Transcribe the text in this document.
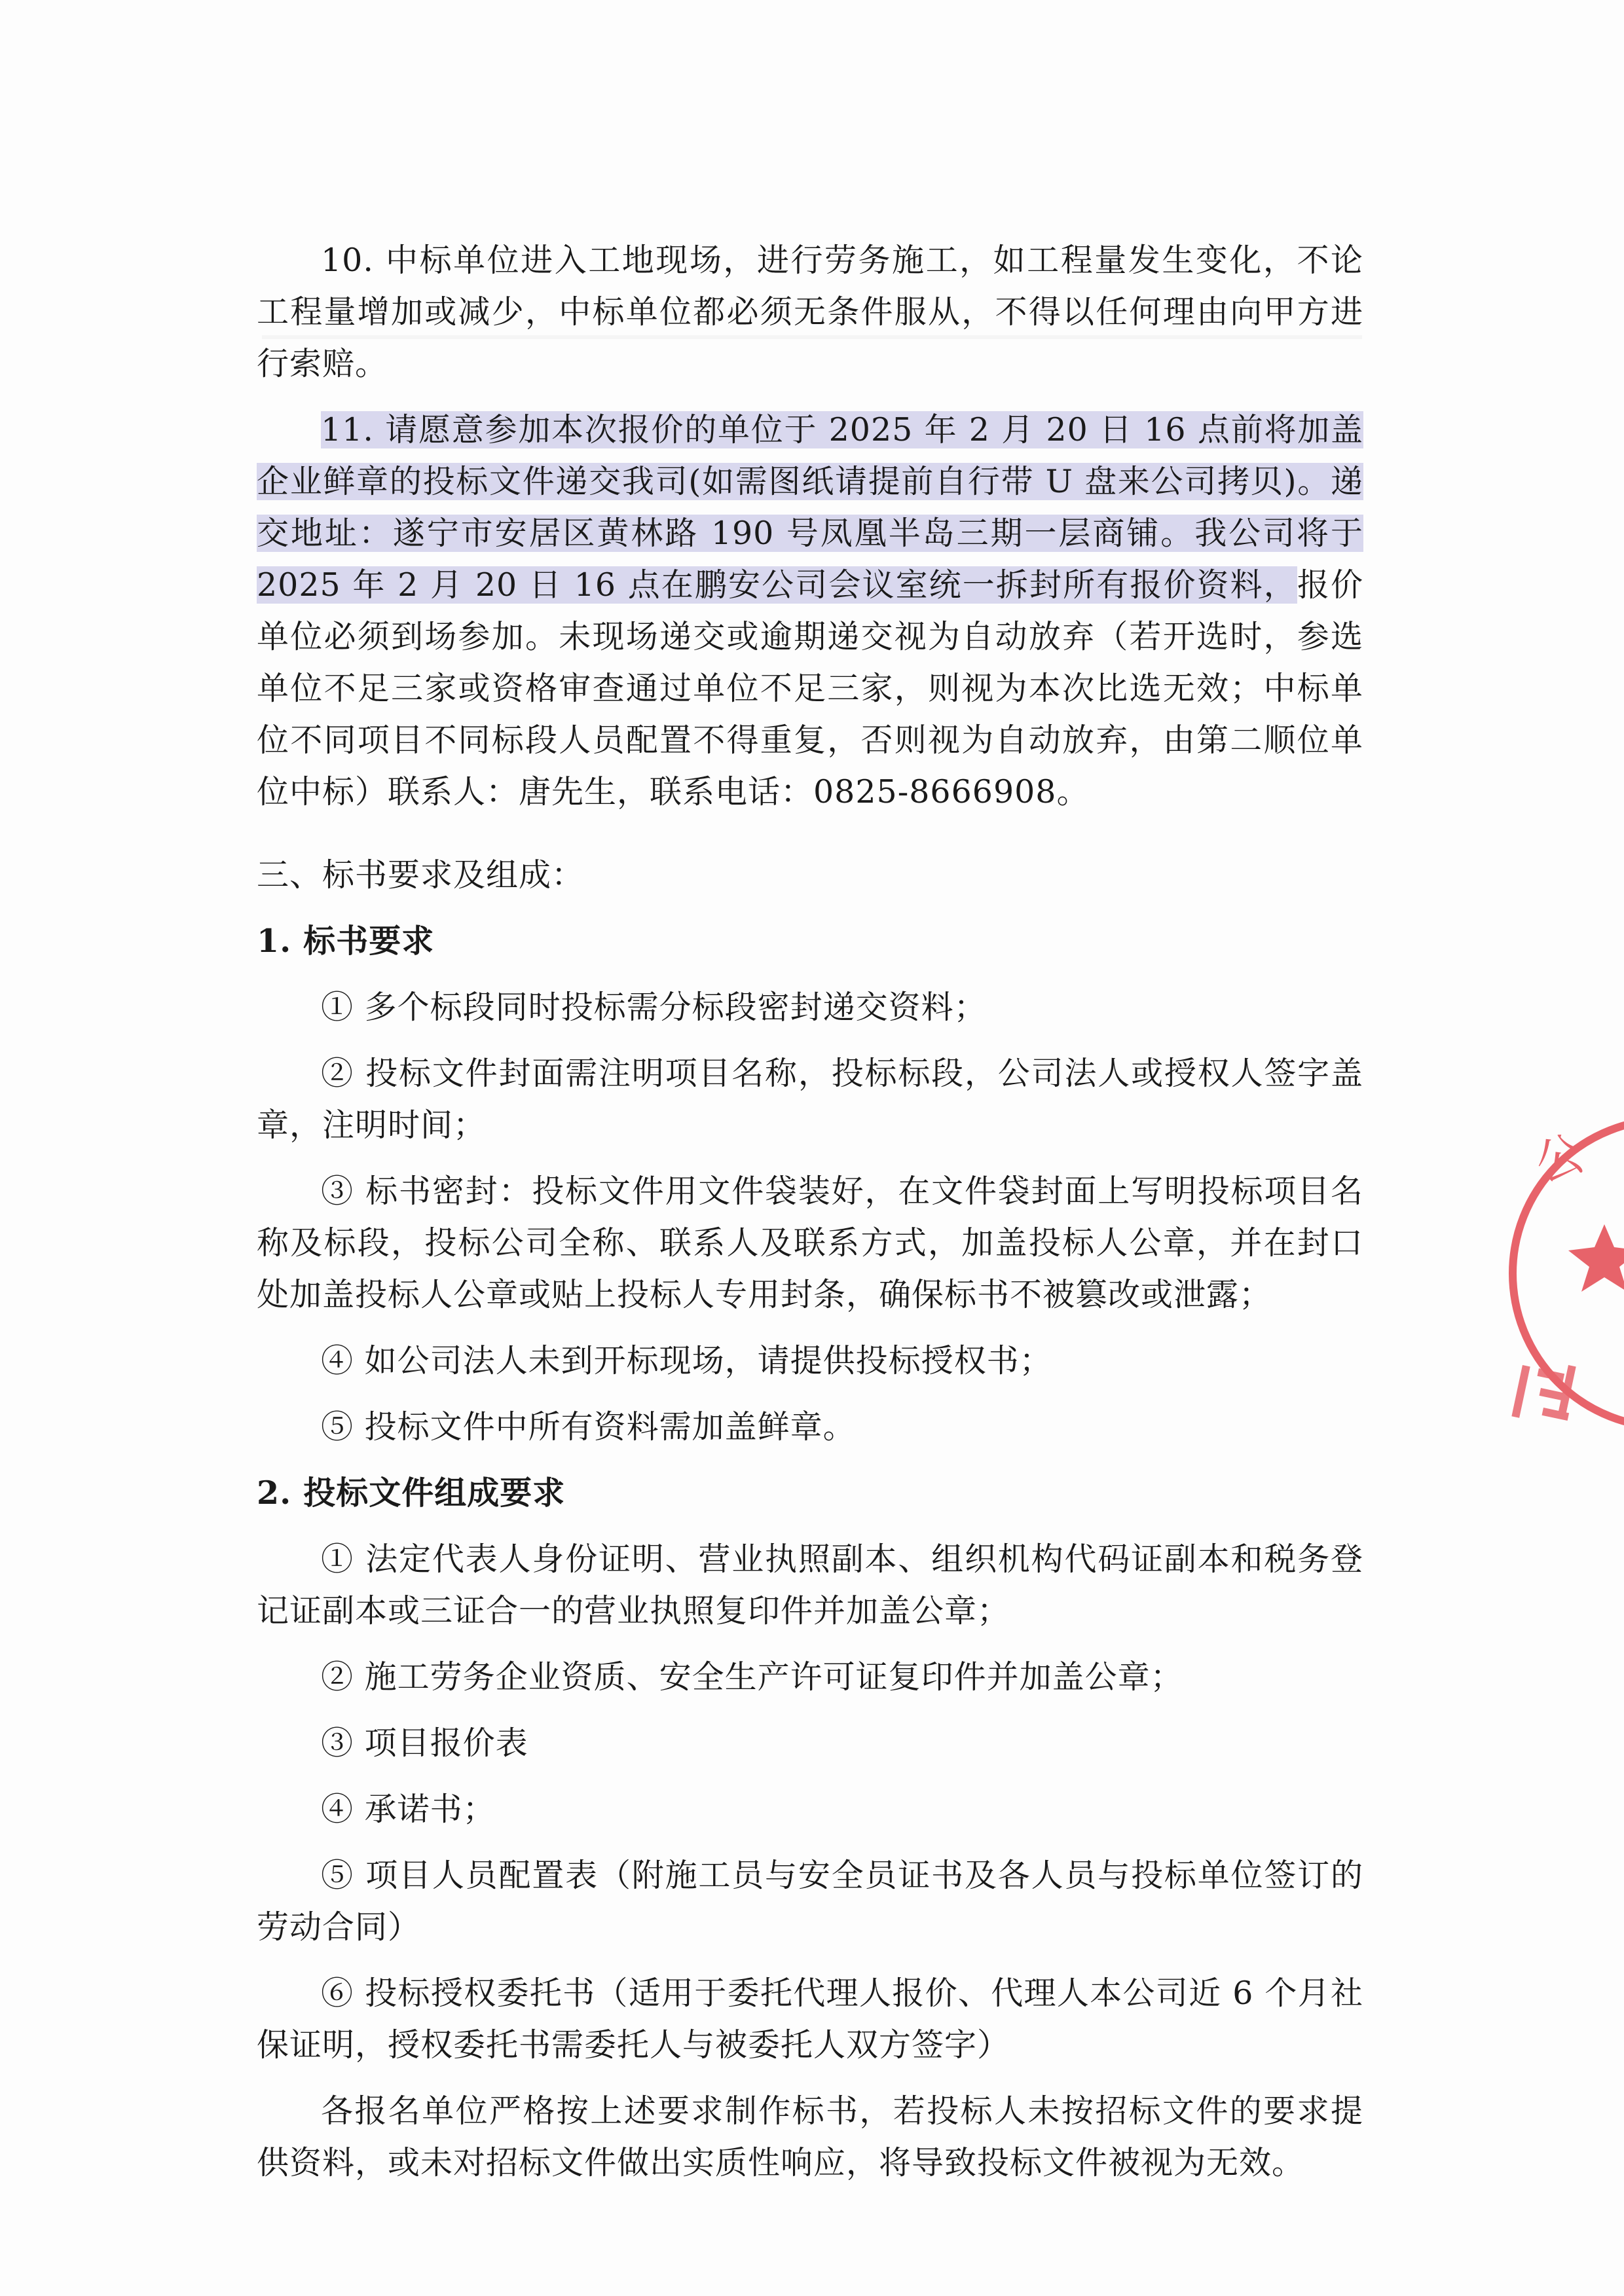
10. 中标单位进入工地现场，进行劳务施工，如工程量发生变化，不论工程量增加或减少，中标单位都必须无条件服从，不得以任何理由向甲方进行索赔。

11. 请愿意参加本次报价的单位于 2025 年 2 月 20 日 16 点前将加盖企业鲜章的投标文件递交我司(如需图纸请提前自行带 U 盘来公司拷贝)。递交地址：遂宁市安居区黄林路 190 号凤凰半岛三期一层商铺。我公司将于 2025 年 2 月 20 日 16 点在鹏安公司会议室统一拆封所有报价资料，报价单位必须到场参加。未现场递交或逾期递交视为自动放弃（若开选时，参选单位不足三家或资格审查通过单位不足三家，则视为本次比选无效；中标单位不同项目不同标段人员配置不得重复，否则视为自动放弃，由第二顺位单位中标）联系人：唐先生，联系电话：0825-8666908。

三、标书要求及组成：

1. 标书要求

① 多个标段同时投标需分标段密封递交资料；

② 投标文件封面需注明项目名称，投标标段，公司法人或授权人签字盖章，注明时间；

③ 标书密封：投标文件用文件袋装好，在文件袋封面上写明投标项目名称及标段，投标公司全称、联系人及联系方式，加盖投标人公章，并在封口处加盖投标人公章或贴上投标人专用封条，确保标书不被篡改或泄露；

④ 如公司法人未到开标现场，请提供投标授权书；

⑤ 投标文件中所有资料需加盖鲜章。

2. 投标文件组成要求

① 法定代表人身份证明、营业执照副本、组织机构代码证副本和税务登记证副本或三证合一的营业执照复印件并加盖公章；

② 施工劳务企业资质、安全生产许可证复印件并加盖公章；

③ 项目报价表

④ 承诺书；

⑤ 项目人员配置表（附施工员与安全员证书及各人员与投标单位签订的劳动合同）

⑥ 投标授权委托书（适用于委托代理人报价、代理人本公司近 6 个月社保证明，授权委托书需委托人与被委托人双方签字）

各报名单位严格按上述要求制作标书，若投标人未按招标文件的要求提供资料，或未对招标文件做出实质性响应，将导致投标文件被视为无效。

公
